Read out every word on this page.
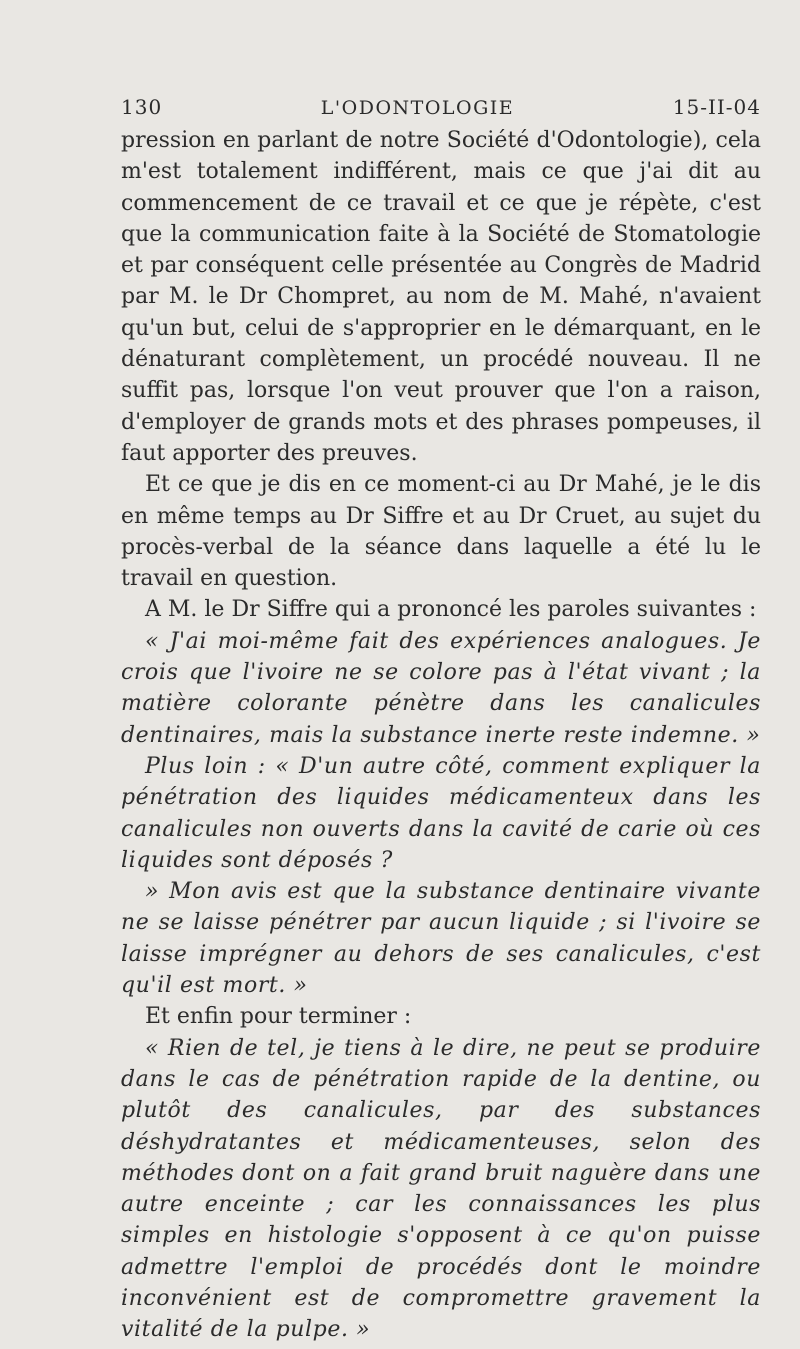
130	L'ODONTOLOGIE	15-II-04

pression en parlant de notre Société d'Odontologie), cela m'est totalement indifférent, mais ce que j'ai dit au commencement de ce travail et ce que je répète, c'est que la communication faite à la Société de Stomatologie et par conséquent celle présentée au Congrès de Madrid par M. le Dr Chompret, au nom de M. Mahé, n'avaient qu'un but, celui de s'approprier en le démarquant, en le dénaturant complètement, un procédé nouveau. Il ne suffit pas, lorsque l'on veut prouver que l'on a raison, d'employer de grands mots et des phrases pompeuses, il faut apporter des preuves.

Et ce que je dis en ce moment-ci au Dr Mahé, je le dis en même temps au Dr Siffre et au Dr Cruet, au sujet du procès-verbal de la séance dans laquelle a été lu le travail en question.

A M. le Dr Siffre qui a prononcé les paroles suivantes :

« J'ai moi-même fait des expériences analogues. Je crois que l'ivoire ne se colore pas à l'état vivant ; la matière colorante pénètre dans les canalicules dentinaires, mais la substance inerte reste indemne. »

Plus loin : « D'un autre côté, comment expliquer la pénétration des liquides médicamenteux dans les canalicules non ouverts dans la cavité de carie où ces liquides sont déposés ?

» Mon avis est que la substance dentinaire vivante ne se laisse pénétrer par aucun liquide ; si l'ivoire se laisse imprégner au dehors de ses canalicules, c'est qu'il est mort. »

Et enfin pour terminer :

« Rien de tel, je tiens à le dire, ne peut se produire dans le cas de pénétration rapide de la dentine, ou plutôt des canalicules, par des substances déshydratantes et médicamenteuses, selon des méthodes dont on a fait grand bruit naguère dans une autre enceinte ; car les connaissances les plus simples en histologie s'opposent à ce qu'on puisse admettre l'emploi de procédés dont le moindre inconvénient est de compromettre gravement la vitalité de la pulpe. »
